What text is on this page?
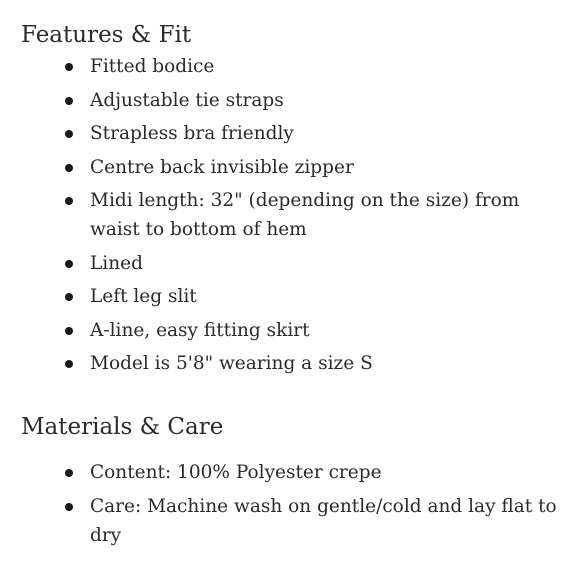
Features & Fit
Fitted bodice
Adjustable tie straps
Strapless bra friendly
Centre back invisible zipper
Midi length: 32" (depending on the size) from waist to bottom of hem
Lined
Left leg slit
A-line, easy fitting skirt
Model is 5'8" wearing a size S
Materials & Care
Content: 100% Polyester crepe
Care: Machine wash on gentle/cold and lay flat to dry
